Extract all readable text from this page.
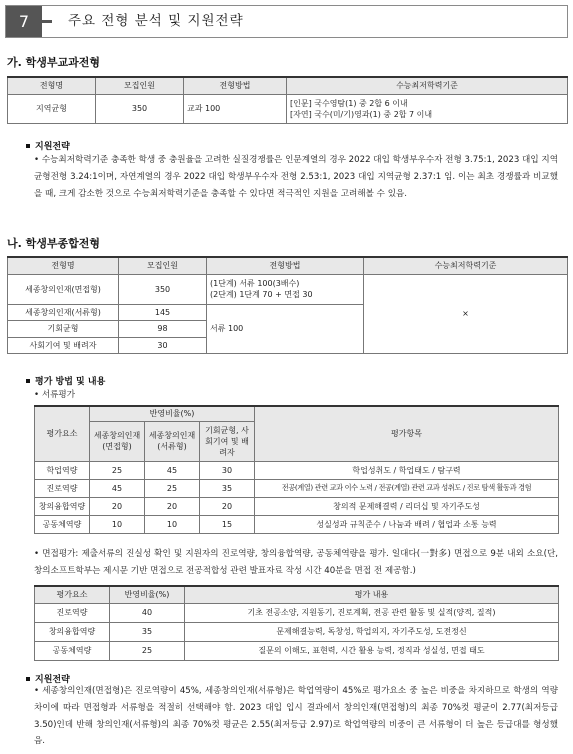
7	주요 전형 분석 및 지원전략
가. 학생부교과전형
전형명	모집인원	전형방법	수능최저학력기준
지역균형	350	교과 100	[인문] 국수영탐(1) 중 2합 6 이내
[자연] 국수(미/기)영과(1) 중 2합 7 이내
지원전략

• 수능최저학력기준 충족한 학생 중 충원율을 고려한 실질경쟁률은 인문계열의 경우 2022 대입 학생부우수자 전형 3.75:1, 2023 대입 지역균형전형 3.24:1이며, 자연계열의 경우 2022 대입 학생부우수자 전형 2.53:1, 2023 대입 지역균형 2.37:1 임. 이는 최초 경쟁률과 비교했을 때, 크게 감소한 것으로 수능최저학력기준을 충족할 수 있다면 적극적인 지원을 고려해볼 수 있음.

나. 학생부종합전형
전형명	모집인원	전형방법	수능최저학력기준
세종창의인재(면접형)	350	(1단계) 서류 100(3배수)
(2단계) 1단계 70 + 면접 30	×
세종창의인재(서류형)	145	서류 100	
기회균형	98		
사회기여 및 배려자	30		
평가 방법 및 내용
• 서류평가
평가요소	반영비율(%)			평가항목
	세종창의인재 (면접형)	세종창의인재 (서류형)	기회균형, 사회기여 및 배려자	
학업역량	25	45	30	학업성취도 / 학업태도 / 탐구력
진로역량	45	25	35	전공(계열) 관련 교과 이수 노력 / 전공(계열) 관련 교과 성취도 / 진로 탐색 활동과 경험
창의융합역량	20	20	20	창의적 문제해결력 / 리더십 및 자기주도성
공동체역량	10	10	15	성실성과 규칙준수 / 나눔과 배려 / 협업과 소통 능력

• 면접평가: 제출서류의 진실성 확인 및 지원자의 진로역량, 창의융합역량, 공동체역량을 평가. 일대다(一對多) 면접으로 9분 내외 소요(단, 창의소프트학부는 제시문 기반 면접으로 전공적합성 관련 발표자료 작성 시간 40분을 면접 전 제공함.)

평가요소	반영비율(%)	평가 내용
진로역량	40	기초 전공소양, 지원동기, 진로계획, 전공 관련 활동 및 실적(양적, 질적)
창의융합역량	35	문제해결능력, 독창성, 학업의지, 자기주도성, 도전정신
공동체역량	25	질문의 이해도, 표현력, 시간 활용 능력, 정직과 성실성, 면접 태도
지원전략

• 세종창의인재(면접형)은 진로역량이 45%, 세종창의인재(서류형)은 학업역량이 45%로 평가요소 중 높은 비중을 차지하므로 학생의 역량 차이에 따라 면접형과 서류형을 적절히 선택해야 함. 2023 대입 입시 결과에서 창의인재(면접형)의 최종 70%컷 평균이 2.77(최저등급 3.50)인데 반해 창의인재(서류형)의 최종 70%컷 평균은 2.55(최저등급 2.97)로 학업역량의 비중이 큰 서류형이 더 높은 등급대를 형성했음.
